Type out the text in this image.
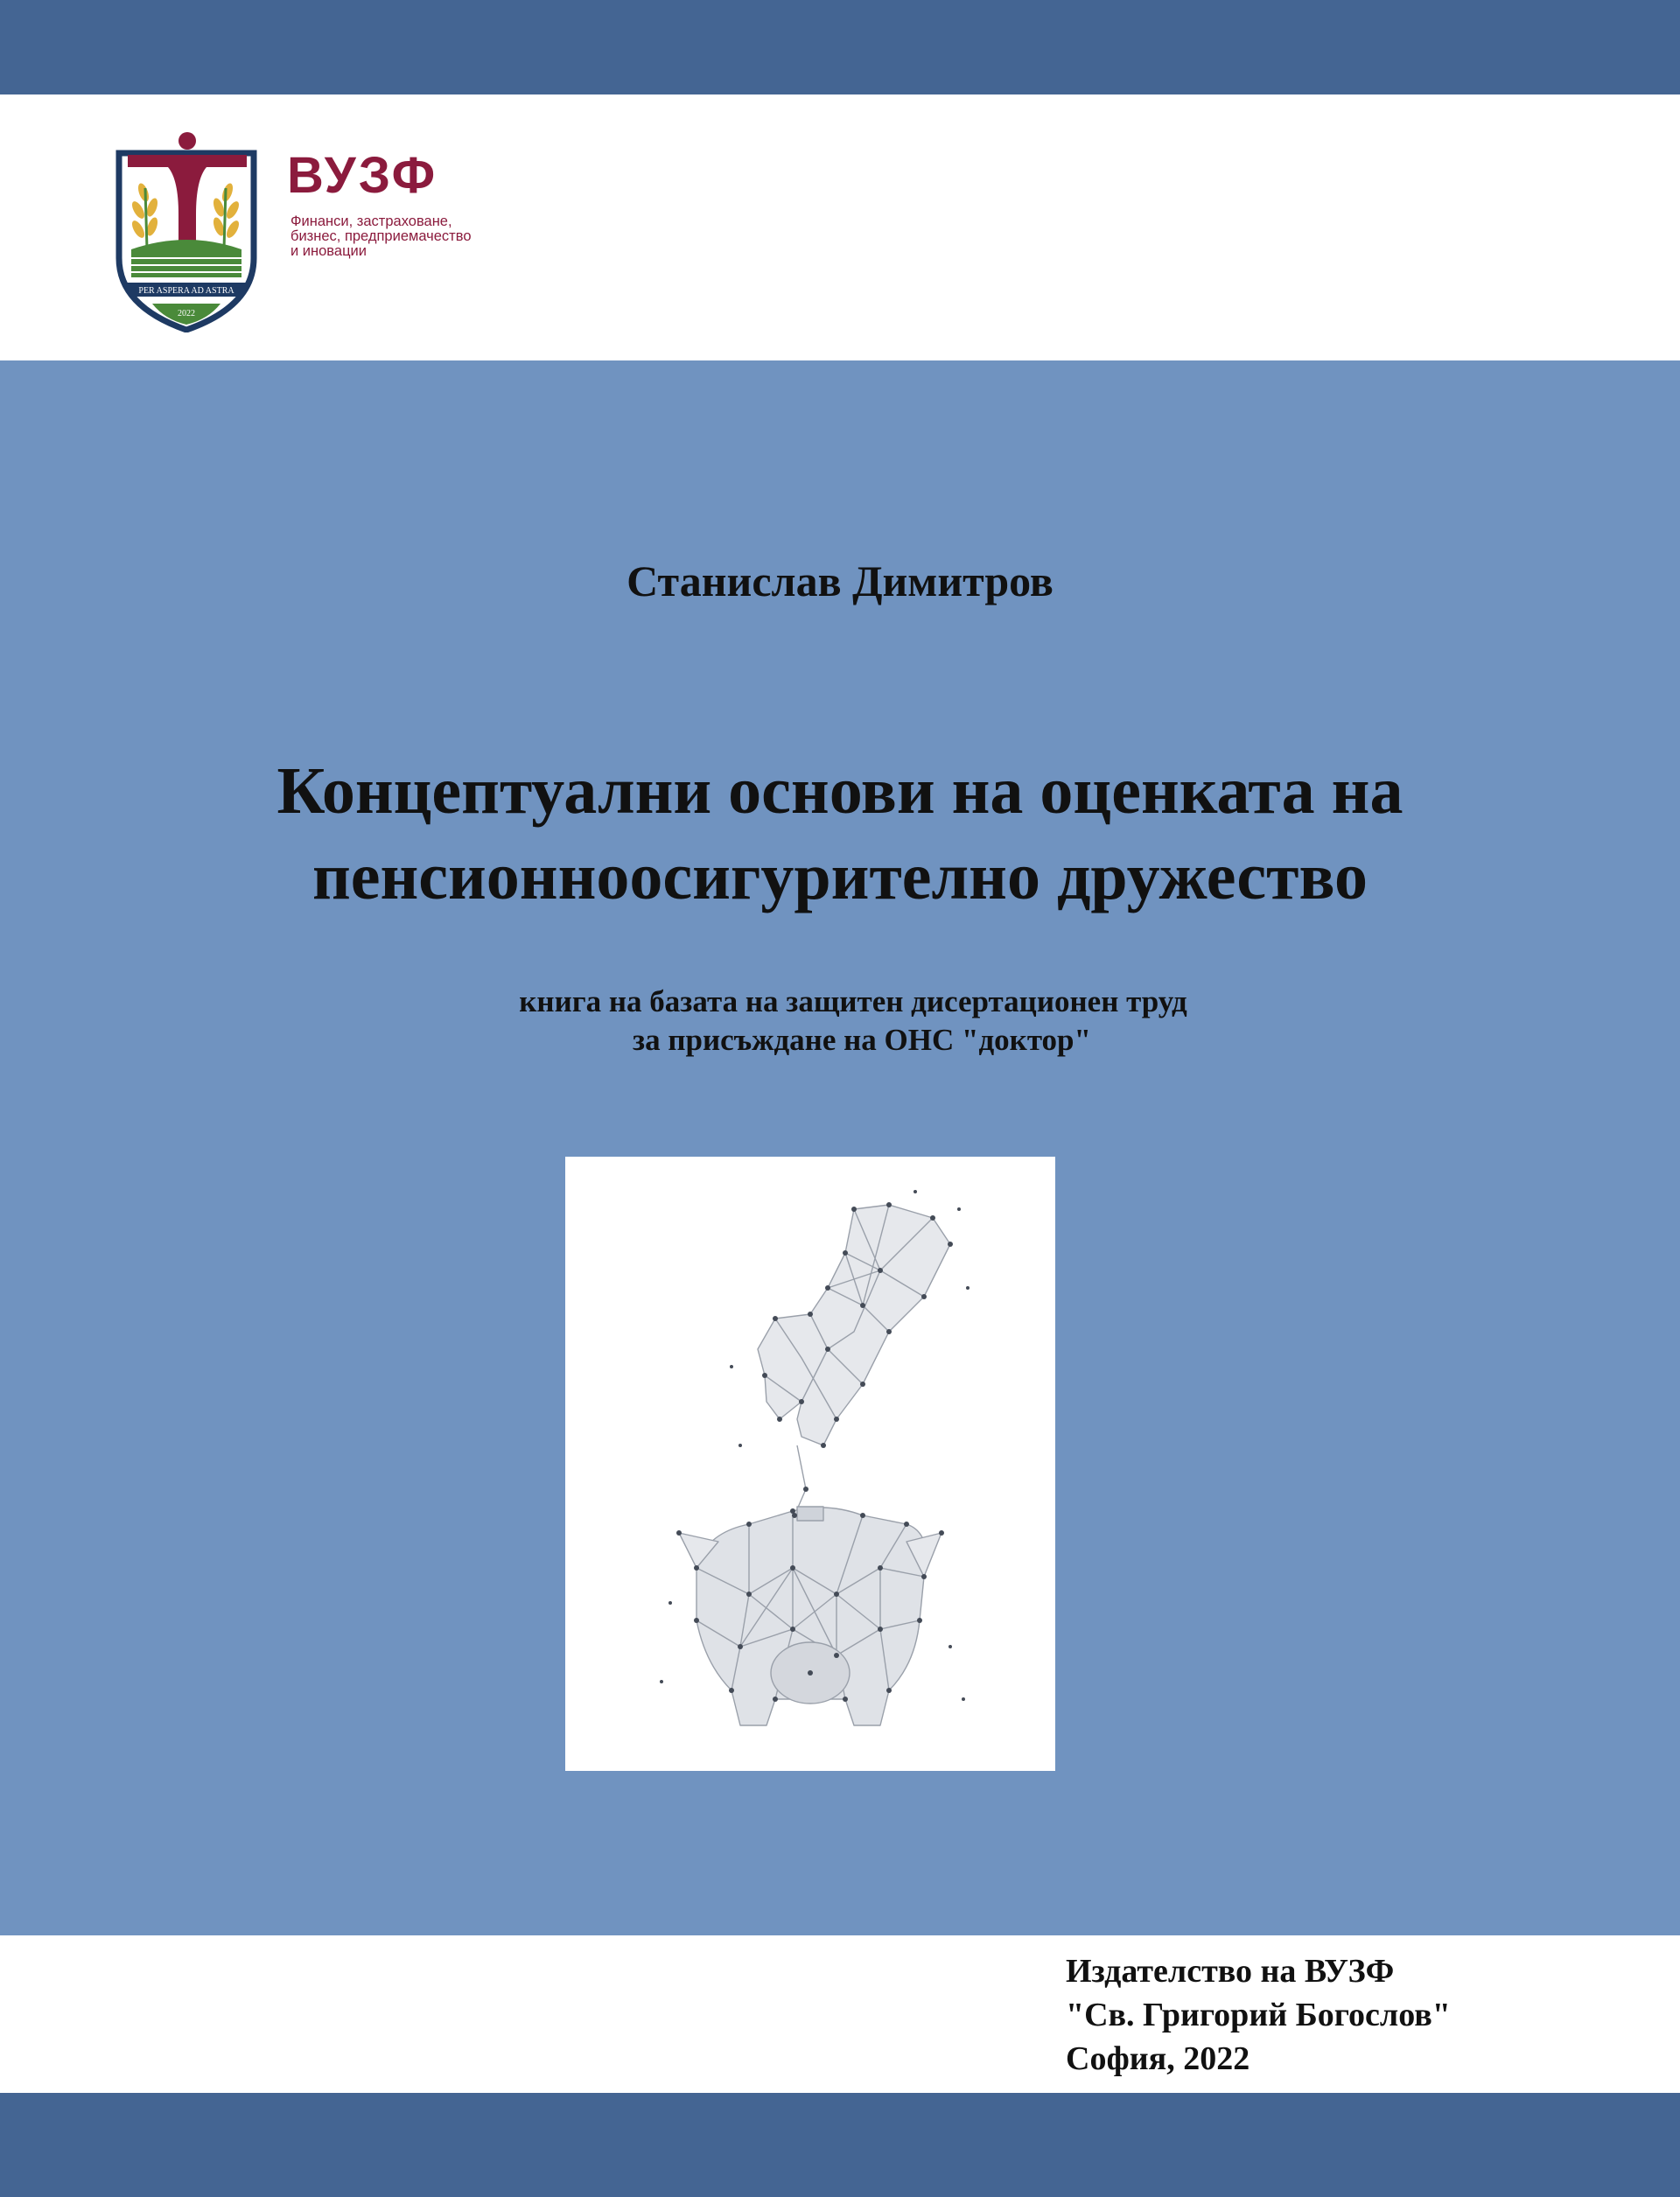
PER ASPERA AD ASTRA
2022
ВУЗФ
Финанси, застраховане,
бизнес, предприемачество
и иновации
Станислав Димитров
Концептуални основи на оценката на
пенсионноосигурително дружество
книга на базата на защитен дисертационен труд
за присъждане на ОНС "доктор"
Издателство на ВУЗФ
"Св. Григорий Богослов"
София, 2022
